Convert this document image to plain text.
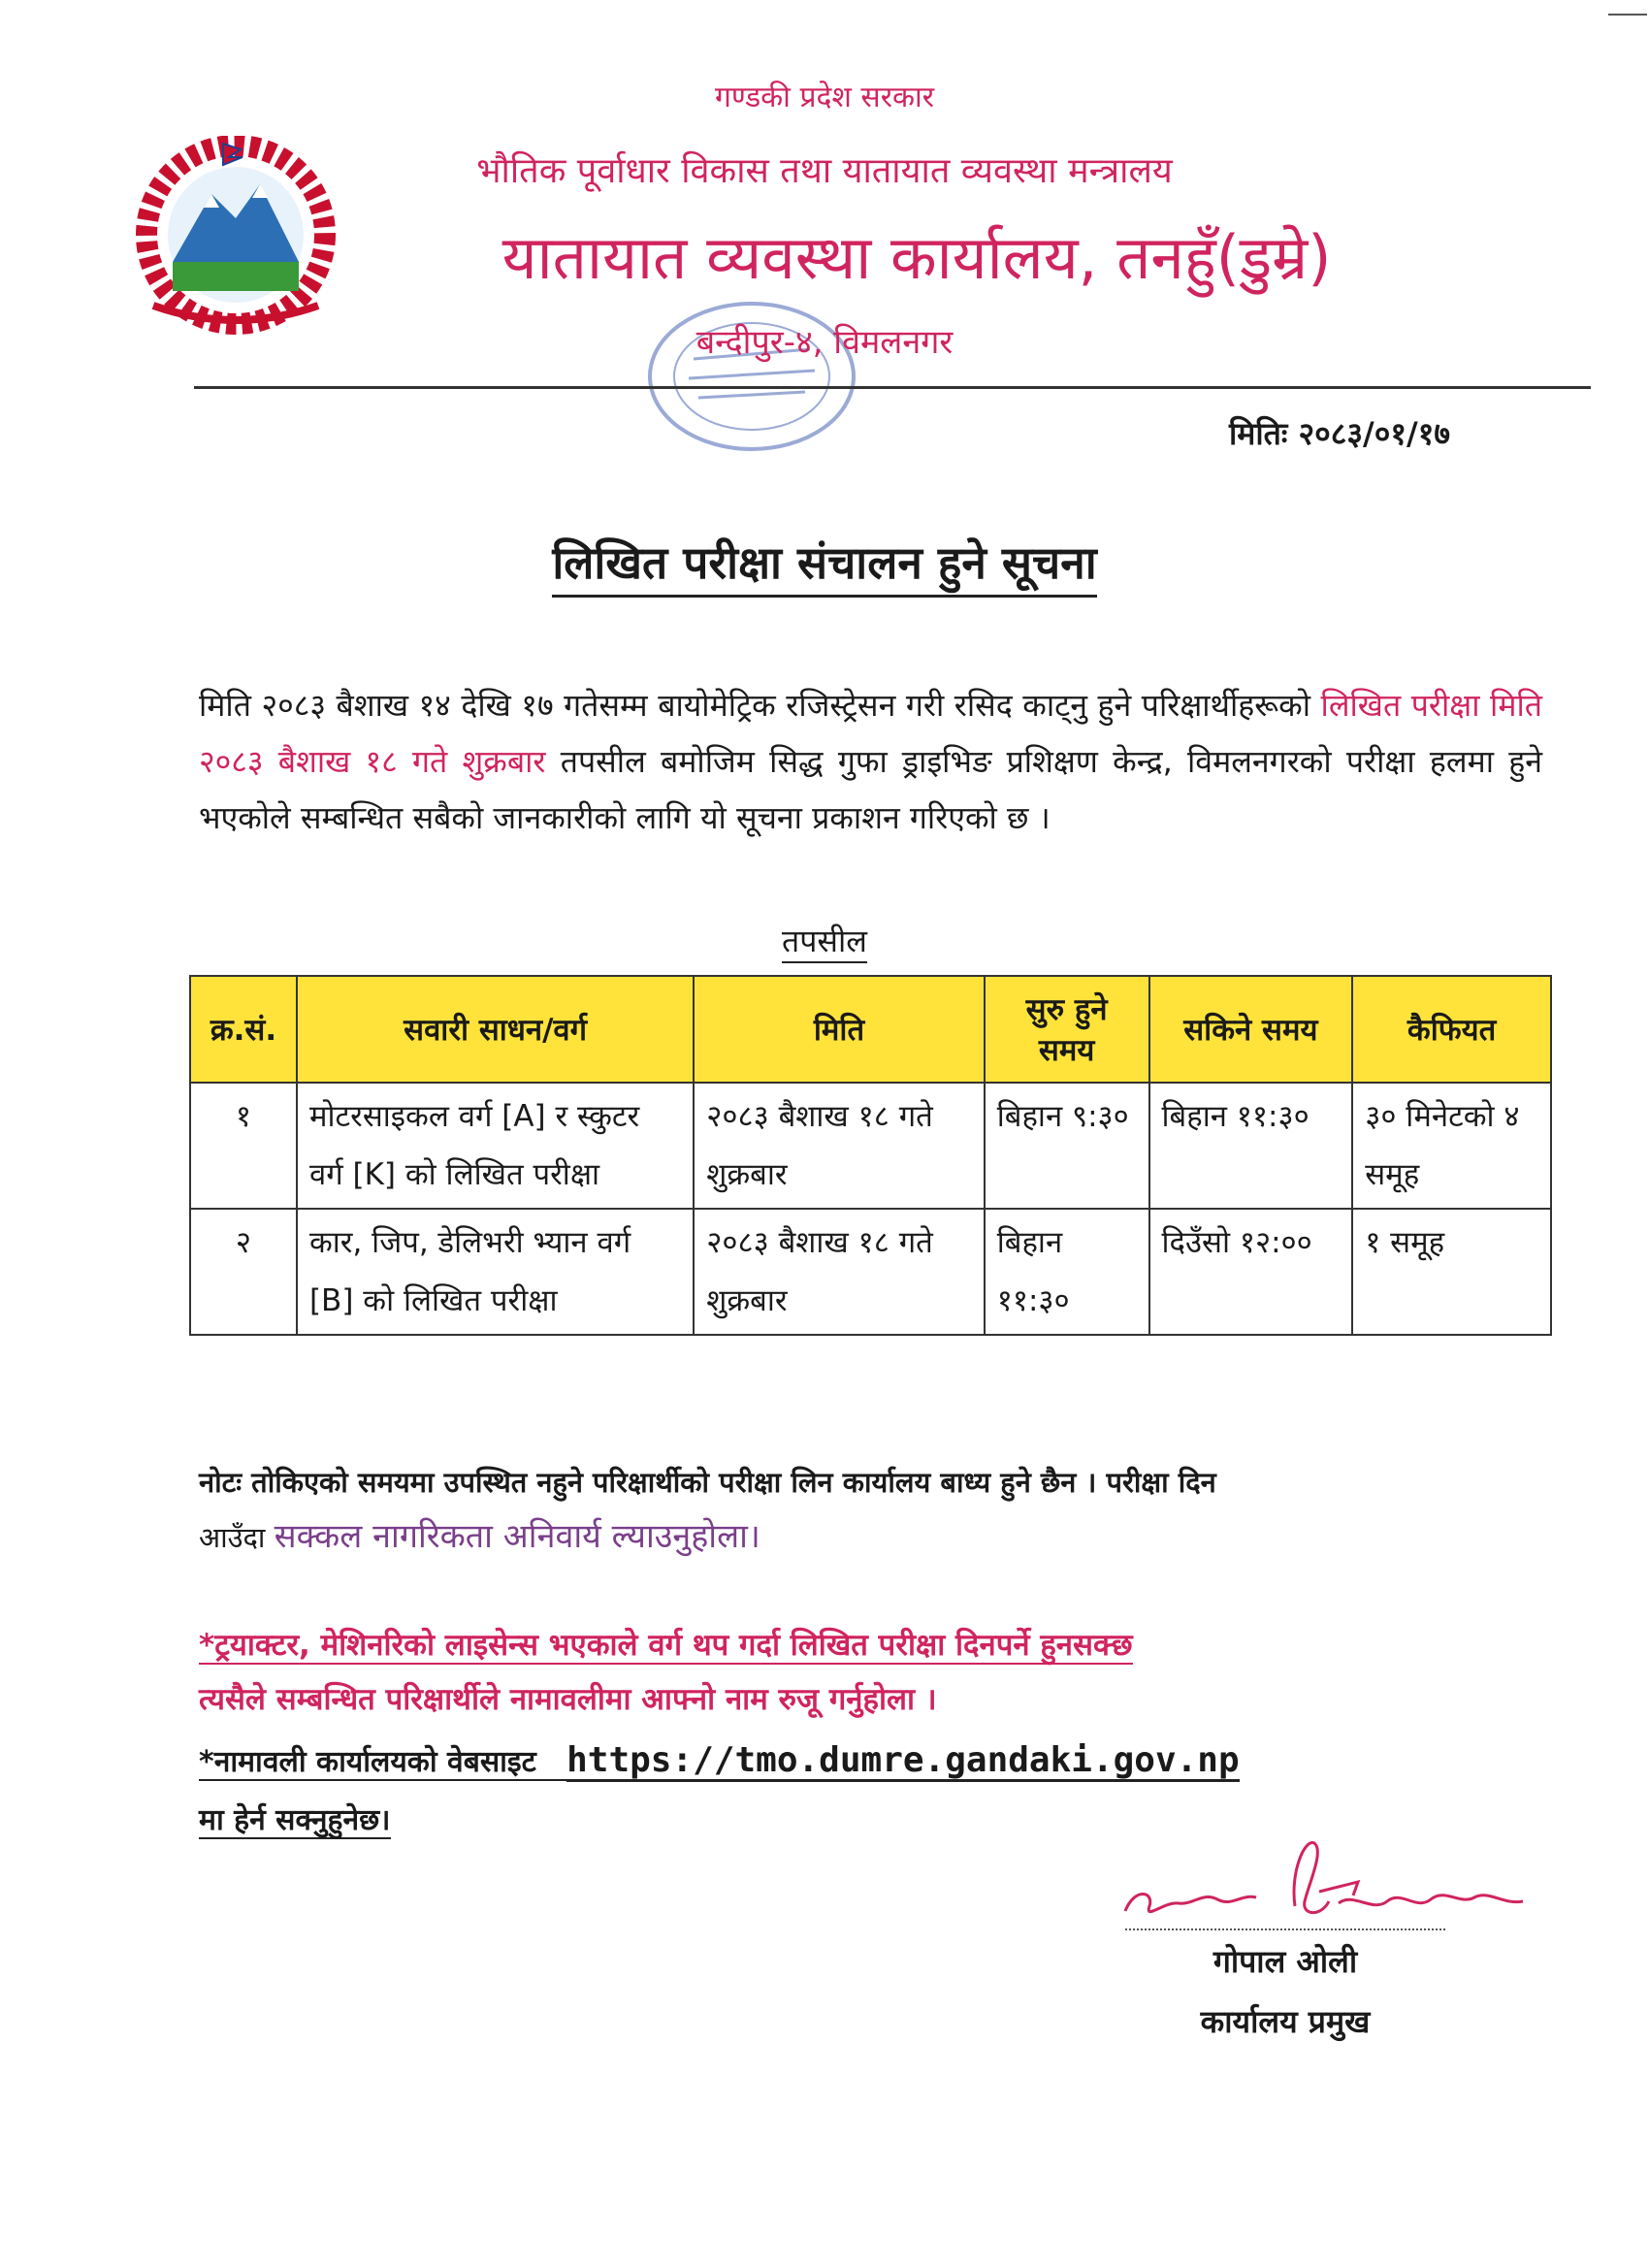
गण्डकी प्रदेश सरकार
भौतिक पूर्वाधार विकास तथा यातायात व्यवस्था मन्त्रालय
यातायात व्यवस्था कार्यालय, तनहुँ(डुम्रे)
बन्दीपुर-४, विमलनगर
मितिः २०८३/०१/१७
लिखित परीक्षा संचालन हुने सूचना
मिति २०८३ बैशाख १४ देखि १७ गतेसम्म बायोमेट्रिक रजिस्ट्रेसन गरी रसिद काट्नु हुने परिक्षार्थीहरूको लिखित परीक्षा मिति २०८३ बैशाख १८ गते शुक्रबार तपसील बमोजिम सिद्ध गुफा ड्राइभिङ प्रशिक्षण केन्द्र, विमलनगरको परीक्षा हलमा हुने भएकोले सम्बन्धित सबैको जानकारीको लागि यो सूचना प्रकाशन गरिएको छ ।
तपसील
क्र.सं.	सवारी साधन/वर्ग	मिति	सुरु हुने समय	सकिने समय	कैफियत
१	मोटरसाइकल वर्ग [A] र स्कुटर वर्ग [K] को लिखित परीक्षा	२०८३ बैशाख १८ गते शुक्रबार	बिहान ९:३०	बिहान ११:३०	३० मिनेटको ४ समूह
२	कार, जिप, डेलिभरी भ्यान वर्ग [B] को लिखित परीक्षा	२०८३ बैशाख १८ गते शुक्रबार	बिहान ११:३०	दिउँसो १२:००	१ समूह
नोटः तोकिएको समयमा उपस्थित नहुने परिक्षार्थीको परीक्षा लिन कार्यालय बाध्य हुने छैन । परीक्षा दिन
आउँदा सक्कल नागरिकता अनिवार्य ल्याउनुहोला।
*ट्रयाक्टर, मेशिनरिको लाइसेन्स भएकाले वर्ग थप गर्दा लिखित परीक्षा दिनपर्ने हुनसक्छ
त्यसैले सम्बन्धित परिक्षार्थीले नामावलीमा आफ्नो नाम रुजू गर्नुहोला ।
*नामावली कार्यालयको वेबसाइट https://tmo.dumre.gandaki.gov.np
मा हेर्न सक्नुहुनेछ।
गोपाल ओली
कार्यालय प्रमुख
